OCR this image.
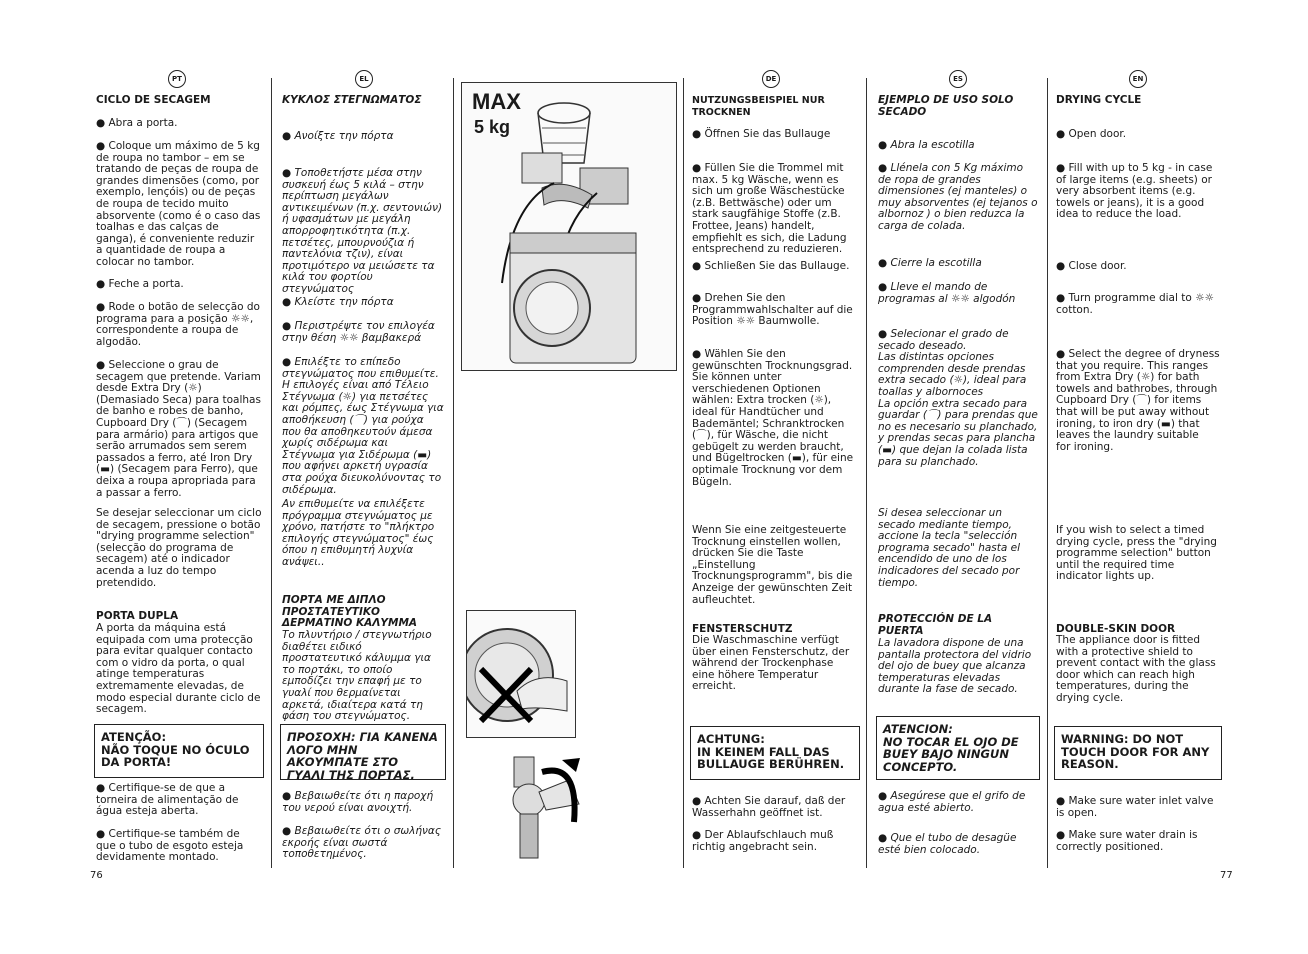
PT	EL	DE	ES	EN

CICLO DE SECAGEM

● Abra a porta.

● Coloque um máximo de 5 kg de roupa no tambor – em se tratando de peças de roupa de grandes dimensões (como, por exemplo, lençóis) ou de peças de roupa de tecido muito absorvente (como é o caso das toalhas e das calças de ganga), é conveniente reduzir a quantidade de roupa a colocar no tambor.

● Feche a porta.

● Rode o botão de selecção do programa para a posição ☼☼, correspondente a roupa de algodão.

● Seleccione o grau de secagem que pretende. Variam desde Extra Dry (☼) (Demasiado Seca) para toalhas de banho e robes de banho, Cupboard Dry (⌒) (Secagem para armário) para artigos que serão arrumados sem serem passados a ferro, até Iron Dry (▬) (Secagem para Ferro), que deixa a roupa apropriada para a passar a ferro.

Se desejar seleccionar um ciclo de secagem, pressione o botão "drying programme selection" (selecção do programa de secagem) até o indicador acenda a luz do tempo pretendido.

PORTA DUPLA

A porta da máquina está equipada com uma protecção para evitar qualquer contacto com o vidro da porta, o qual atinge temperaturas extremamente elevadas, de modo especial durante ciclo de secagem.

ATENÇÃO:
NÃO TOQUE NO ÓCULO DA PORTA!

● Certifique-se de que a torneira de alimentação de água esteja aberta.

● Certifique-se também de que o tubo de esgoto esteja devidamente montado.

ΚΥΚΛΟΣ ΣΤΕΓΝΩΜΑΤΟΣ

● Ανοίξτε την πόρτα

● Τοποθετήστε μέσα στην συσκευή έως 5 κιλά – στην περίπτωση μεγάλων αντικειμένων (π.χ. σεντονιών) ή υφασμάτων με μεγάλη απορροφητικότητα (π.χ. πετσέτες, μπουρνούζια ή παντελόνια τζιν), είναι προτιμότερο να μειώσετε τα κιλά του φορτίου στεγνώματος

● Κλείστε την πόρτα

● Περιστρέψτε τον επιλογέα στην θέση ☼☼ βαμβακερά

● Επιλέξτε το επίπεδο στεγνώματος που επιθυμείτε. Η επιλογές είναι από Τέλειο Στέγνωμα (☼) για πετσέτες και ρόμπες, έως Στέγνωμα για αποθήκευση (⌒) για ρούχα που θα αποθηκευτούν άμεσα χωρίς σιδέρωμα και Στέγνωμα για Σιδέρωμα (▬) που αφήνει αρκετή υγρασία στα ρούχα διευκολύνοντας το σιδέρωμα.

Αν επιθυμείτε να επιλέξετε πρόγραμμα στεγνώματος με χρόνο, πατήστε το "πλήκτρο επιλογής στεγνώματος" έως όπου η επιθυμητή λυχνία ανάψει..

ΠΟΡΤΑ ΜΕ ΔΙΠΛΟ ΠΡΟΣΤΑΤΕΥΤΙΚΟ ΔΕΡΜΑΤΙΝΟ ΚΑΛΥΜΜΑ

Το πλυντήριο / στεγνωτήριο διαθέτει ειδικό προστατευτικό κάλυμμα για το πορτάκι, το οποίο εμποδίζει την επαφή με το γυαλί που θερμαίνεται αρκετά, ιδιαίτερα κατά τη φάση του στεγνώματος.

ΠΡΟΣΟΧΗ: ΓΙΑ ΚΑΝΕΝΑ ΛΟΓΟ ΜΗΝ ΑΚΟΥΜΠΑΤΕ ΣΤΟ ΓΥΑΛΙ ΤΗΣ ΠΟΡΤΑΣ.

● Βεβαιωθείτε ότι η παροχή του νερού είναι ανοιχτή.

● Βεβαιωθείτε ότι ο σωλήνας εκροής είναι σωστά τοποθετημένος.

MAX
5 kg

NUTZUNGSBEISPIEL NUR TROCKNEN

● Öffnen Sie das Bullauge

● Füllen Sie die Trommel mit max. 5 kg Wäsche, wenn es sich um große Wäschestücke (z.B. Bettwäsche) oder um stark saugfähige Stoffe (z.B. Frottee, Jeans) handelt, empfiehlt es sich, die Ladung entsprechend zu reduzieren.

● Schließen Sie das Bullauge.

● Drehen Sie den Programmwahlschalter auf die Position ☼☼ Baumwolle.

● Wählen Sie den gewünschten Trocknungsgrad. Sie können unter verschiedenen Optionen wählen: Extra trocken (☼), ideal für Handtücher und Bademäntel; Schranktrocken (⌒), für Wäsche, die nicht gebügelt zu werden braucht, und Bügeltrocken (▬), für eine optimale Trocknung vor dem Bügeln.

Wenn Sie eine zeitgesteuerte Trocknung einstellen wollen, drücken Sie die Taste „Einstellung Trocknungsprogramm", bis die Anzeige der gewünschten Zeit aufleuchtet.

FENSTERSCHUTZ

Die Waschmaschine verfügt über einen Fensterschutz, der während der Trockenphase eine höhere Temperatur erreicht.

ACHTUNG:
IN KEINEM FALL DAS BULLAUGE BERÜHREN.

● Achten Sie darauf, daß der Wasserhahn geöffnet ist.

● Der Ablaufschlauch muß richtig angebracht sein.

EJEMPLO DE USO SOLO SECADO

● Abra la escotilla

● Llénela con 5 Kg máximo de ropa de grandes dimensiones (ej manteles) o muy absorventes (ej tejanos o albornoz ) o bien reduzca la carga de colada.

● Cierre la escotilla

● Lleve el mando de programas al ☼☼ algodón

● Selecionar el grado de secado deseado.
Las distintas opciones comprenden desde prendas extra secado (☼), ideal para toallas y albornoces
La opción extra secado para guardar (⌒) para prendas que no es necesario su planchado, y prendas secas para plancha (▬) que dejan la colada lista para su planchado.

Si desea seleccionar un secado mediante tiempo, accione la tecla "selección programa secado" hasta el encendido de uno de los indicadores del secado por tiempo.

PROTECCIÓN DE LA PUERTA

La lavadora dispone de una pantalla protectora del vidrio del ojo de buey que alcanza temperaturas elevadas durante la fase de secado.

ATENCION:
NO TOCAR EL OJO DE BUEY BAJO NINGUN CONCEPTO.

● Asegúrese que el grifo de agua esté abierto.

● Que el tubo de desagüe esté bien colocado.

DRYING CYCLE

● Open door.

● Fill with up to 5 kg - in case of large items (e.g. sheets) or very absorbent items (e.g. towels or jeans), it is a good idea to reduce the load.

● Close door.

● Turn programme dial to ☼☼ cotton.

● Select the degree of dryness that you require. This ranges from Extra Dry (☼) for bath towels and bathrobes, through Cupboard Dry (⌒) for items that will be put away without ironing, to iron dry (▬) that leaves the laundry suitable
for ironing.

If you wish to select a timed drying cycle, press the "drying programme selection" button until the required time indicator lights up.

DOUBLE-SKIN DOOR

The appliance door is fitted with a protective shield to prevent contact with the glass door which can reach high temperatures, during the drying cycle.

WARNING: DO NOT TOUCH DOOR FOR ANY REASON.

● Make sure water inlet valve is open.

● Make sure water drain is correctly positioned.

76	77
